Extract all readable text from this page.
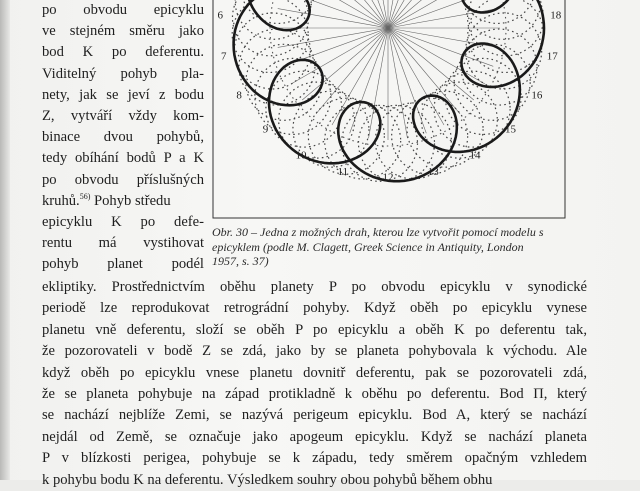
po obvodu epicyklu
ve stejném směru jako
bod K po deferentu.
Viditelný pohyb pla-
nety, jak se jeví z bodu
Z, vytváří vždy kom-
binace dvou pohybů,
tedy obíhání bodů P a K
po obvodu příslušných
kruhů.$^{56)}$ Pohyb středu
epicyklu K po defe-
rentu má vystihovat
pohyb planet podél
6
7
8
9
10
11	12	13
14
15
16
17
18
Obr. 30 – Jedna z možných drah, kterou lze vytvořit pomocí modelu s epicyklem (podle M. Clagett, Greek Science in Antiquity, London 1957, s. 37)
ekliptiky. Prostřednictvím oběhu planety P po obvodu epicyklu v synodické
periodě lze reprodukovat retrográdní pohyby. Když oběh po epicyklu vynese
planetu vně deferentu, složí se oběh P po epicyklu a oběh K po deferentu tak,
že pozorovateli v bodě Z se zdá, jako by se planeta pohybovala k východu. Ale
když oběh po epicyklu vnese planetu dovnitř deferentu, pak se pozorovateli zdá,
že se planeta pohybuje na západ protikladně k oběhu po deferentu. Bod Π, který
se nachází nejblíže Zemi, se nazývá perigeum epicyklu. Bod A, který se nachází
nejdál od Země, se označuje jako apogeum epicyklu. Když se nachází planeta
P v blízkosti perigea, pohybuje se k západu, tedy směrem opačným vzhledem
k pohybu bodu K na deferentu. Výsledkem souhry obou pohybů během obhu
